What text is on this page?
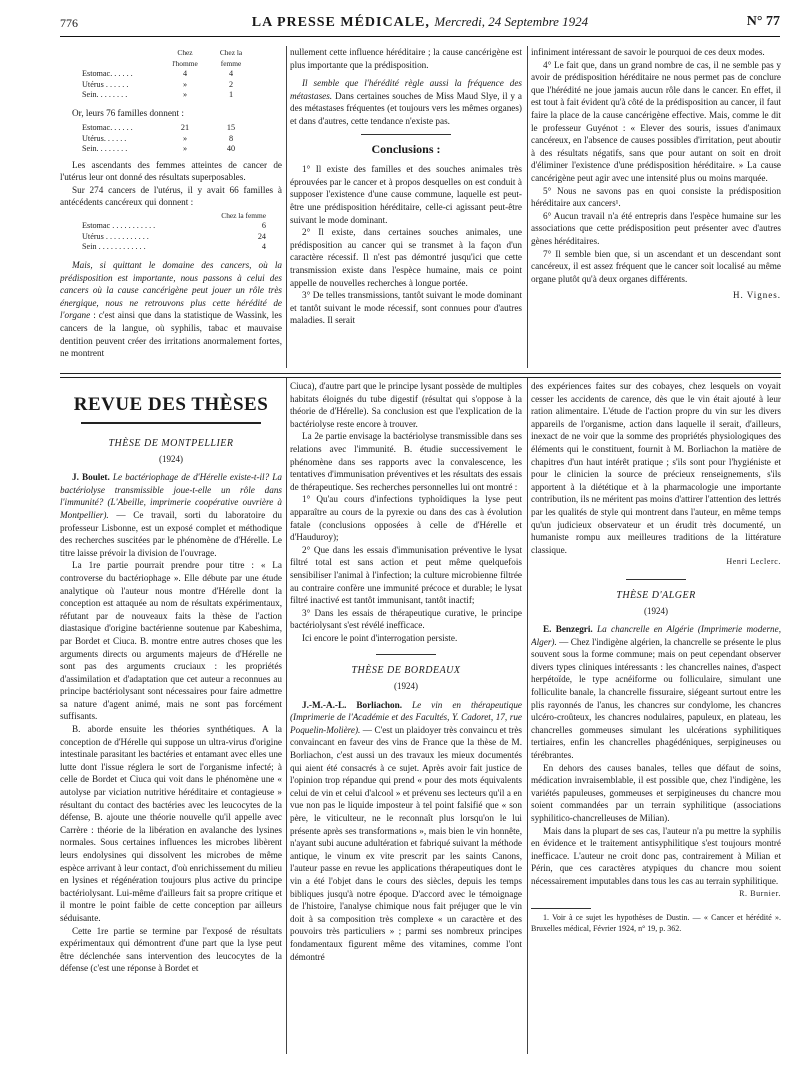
776	LA PRESSE MÉDICALE, Mercredi, 24 Septembre 1924	N° 77
	Chez l'homme	Chez la femme
Estomac. . . . . .	4	4
Utérus . . . . . .	»	2
Sein. . . . . . . .	»	1

Or, leurs 76 familles donnent :

Estomac. . . . . .	21	15
Utérus. . . . . .	»	8
Sein. . . . . . . .	»	40

Les ascendants des femmes atteintes de cancer de l'utérus leur ont donné des résultats superposables.

Sur 274 cancers de l'utérus, il y avait 66 familles à antécédents cancéreux qui donnent :

	Chez la femme
Estomac . . . . . . . . . . .	6
Utérus . . . . . . . . . . .	24
Sein . . . . . . . . . . . .	4

Mais, si quittant le domaine des cancers, où la prédisposition est importante, nous passons à celui des cancers où la cause cancérigène peut jouer un rôle très énergique, nous ne retrouvons plus cette hérédité de l'organe : c'est ainsi que dans la statistique de Wassink, les cancers de la langue, où syphilis, tabac et mauvaise dentition peuvent créer des irritations anormalement fortes, ne montrent

nullement cette influence héréditaire ; la cause cancérigène est plus importante que la prédisposition.

Il semble que l'hérédité règle aussi la fréquence des métastases. Dans certaines souches de Miss Maud Slye, il y a des métastases fréquentes (et toujours vers les mêmes organes) et dans d'autres, cette tendance n'existe pas.

Conclusions :

1° Il existe des familles et des souches animales très éprouvées par le cancer et à propos desquelles on est conduit à supposer l'existence d'une cause commune, laquelle est peut-être une prédisposition héréditaire, celle-ci agissant peut-être suivant le mode dominant.

2° Il existe, dans certaines souches animales, une prédisposition au cancer qui se transmet à la façon d'un caractère récessif. Il n'est pas démontré jusqu'ici que cette transmission existe dans l'espèce humaine, mais ce point appelle de nouvelles recherches à longue portée.

3° De telles transmissions, tantôt suivant le mode dominant et tantôt suivant le mode récessif, sont connues pour d'autres maladies. Il serait

infiniment intéressant de savoir le pourquoi de ces deux modes.

4° Le fait que, dans un grand nombre de cas, il ne semble pas y avoir de prédisposition héréditaire ne nous permet pas de conclure que l'hérédité ne joue jamais aucun rôle dans le cancer. En effet, il est tout à fait évident qu'à côté de la prédisposition au cancer, il faut faire la place de la cause cancérigène effective. Mais, comme le dit le professeur Guyénot : « Elever des souris, issues d'animaux cancéreux, en l'absence de causes possibles d'irritation, peut aboutir à des résultats négatifs, sans que pour autant on soit en droit d'éliminer l'existence d'une prédisposition héréditaire. » La cause cancérigène peut agir avec une intensité plus ou moins marquée.

5° Nous ne savons pas en quoi consiste la prédisposition héréditaire aux cancers¹.

6° Aucun travail n'a été entrepris dans l'espèce humaine sur les associations que cette prédisposition peut présenter avec d'autres gènes héréditaires.

7° Il semble bien que, si un ascendant et un descendant sont cancéreux, il est assez fréquent que le cancer soit localisé au même organe plutôt qu'à deux organes différents.

H. Vignes.
REVUE DES THÈSES
THÈSE DE MONTPELLIER
(1924)

J. Boulet. Le bactériophage de d'Hérelle existe-t-il? La bactériolyse transmissible joue-t-elle un rôle dans l'immunité? (L'Abeille, imprimerie coopérative ouvrière à Montpellier). — Ce travail, sorti du laboratoire du professeur Lisbonne, est un exposé complet et méthodique des recherches suscitées par le phénomène de d'Hérelle. Le titre laisse prévoir la division de l'ouvrage.

La 1re partie pourrait prendre pour titre : « La controverse du bactériophage ». Elle débute par une étude analytique où l'auteur nous montre d'Hérelle dont la conception est attaquée au nom de résultats expérimentaux, réfutant par de nouveaux faits la thèse de l'action diastasique d'origine bactérienne soutenue par Kabeshima, par Bordet et Ciuca. B. montre entre autres choses que les arguments directs ou arguments majeurs de d'Hérelle ne sont pas des arguments cruciaux : les propriétés d'assimilation et d'adaptation que cet auteur a reconnues au principe bactériolysant sont nécessaires pour faire admettre sa nature d'agent animé, mais ne sont pas forcément suffisants.

B. aborde ensuite les théories synthétiques. A la conception de d'Hérelle qui suppose un ultra-virus d'origine intestinale parasitant les bactéries et entamant avec elles une lutte dont l'issue réglera le sort de l'organisme infecté; à celle de Bordet et Ciuca qui voit dans le phénomène une « autolyse par viciation nutritive héréditaire et contagieuse » résultant du contact des bactéries avec les leucocytes de la défense, B. ajoute une théorie nouvelle qu'il appelle avec Carrère : théorie de la libération en avalanche des lysines normales. Sous certaines influences les microbes libèrent leurs endolysines qui dissolvent les microbes de même espèce arrivant à leur contact, d'où enrichissement du milieu en lysines et régénération toujours plus active du principe bactériolysant. Lui-même d'ailleurs fait sa propre critique et il montre le point faible de cette conception par ailleurs séduisante.

Cette 1re partie se termine par l'exposé de résultats expérimentaux qui démontrent d'une part que la lyse peut être déclenchée sans intervention des leucocytes de la défense (c'est une réponse à Bordet et

Ciuca), d'autre part que le principe lysant possède de multiples habitats éloignés du tube digestif (résultat qui s'oppose à la théorie de d'Hérelle). Sa conclusion est que l'explication de la bactériolyse reste encore à trouver.

La 2e partie envisage la bactériolyse transmissible dans ses relations avec l'immunité. B. étudie successivement le phénomène dans ses rapports avec la convalescence, les tentatives d'immunisation préventives et les résultats des essais de thérapeutique. Ses recherches personnelles lui ont montré :

1° Qu'au cours d'infections typhoïdiques la lyse peut apparaître au cours de la pyrexie ou dans des cas à évolution fatale (conclusions opposées à celle de d'Hérelle et d'Hauduroy);

2° Que dans les essais d'immunisation préventive le lysat filtré total est sans action et peut même quelquefois sensibiliser l'animal à l'infection; la culture microbienne filtrée au contraire confère une immunité précoce et durable; le lysat filtré inactivé est tantôt immunisant, tantôt inactif;

3° Dans les essais de thérapeutique curative, le principe bactériolysant s'est révélé inefficace.

Ici encore le point d'interrogation persiste.

THÈSE DE BORDEAUX
(1924)

J.-M.-A.-L. Borliachon. Le vin en thérapeutique (Imprimerie de l'Académie et des Facultés, Y. Cadoret, 17, rue Poquelin-Molière). — C'est un plaidoyer très convaincu et très convaincant en faveur des vins de France que la thèse de M. Borliachon, c'est aussi un des travaux les mieux documentés qui aient été consacrés à ce sujet. Après avoir fait justice de l'opinion trop répandue qui prend « pour des mots équivalents celui de vin et celui d'alcool » et prévenu ses lecteurs qu'il a en vue non pas le liquide imposteur à tel point falsifié que « son père, le viticulteur, ne le reconnaît plus lorsqu'on le lui présente après ses transformations », mais bien le vin honnête, n'ayant subi aucune adultération et fabriqué suivant la méthode antique, le vinum ex vite prescrit par les saints Canons, l'auteur passe en revue les applications thérapeutiques dont le vin a été l'objet dans le cours des siècles, depuis les temps bibliques jusqu'à notre époque. D'accord avec le témoignage de l'histoire, l'analyse chimique nous fait préjuger que le vin doit à sa composition très complexe « un caractère et des pouvoirs très particuliers » ; parmi ses nombreux principes fondamentaux figurent même des vitamines, comme l'ont démontré

des expériences faites sur des cobayes, chez lesquels on voyait cesser les accidents de carence, dès que le vin était ajouté à leur ration alimentaire. L'étude de l'action propre du vin sur les divers appareils de l'organisme, action dans laquelle il serait, d'ailleurs, inexact de ne voir que la somme des propriétés physiologiques des éléments qui le constituent, fournit à M. Borliachon la matière de chapitres d'un haut intérêt pratique ; s'ils sont pour l'hygiéniste et pour le clinicien la source de précieux renseignements, s'ils apportent à la diététique et à la pharmacologie une importante contribution, ils ne méritent pas moins d'attirer l'attention des lettrés par les qualités de style qui montrent dans l'auteur, en même temps qu'un judicieux observateur et un érudit très documenté, un humaniste rompu aux meilleures traditions de la littérature classique.

Henri Leclerc.
THÈSE D'ALGER
(1924)

E. Benzegri. La chancrelle en Algérie (Imprimerie moderne, Alger). — Chez l'indigène algérien, la chancrelle se présente le plus souvent sous la forme commune; mais on peut cependant observer divers types cliniques intéressants : les chancrelles naines, d'aspect herpétoïde, le type acnéiforme ou folliculaire, simulant une folliculite banale, la chancrelle fissuraire, siégeant surtout entre les plis rayonnés de l'anus, les chancres sur condylome, les chancres ulcéro-croûteux, les chancres nodulaires, papuleux, en plateau, les chancrelles gommeuses simulant les ulcérations syphilitiques tertiaires, enfin les chancrelles phagédéniques, serpigineuses ou térébrantes.

En dehors des causes banales, telles que défaut de soins, médication invraisemblable, il est possible que, chez l'indigène, les variétés papuleuses, gommeuses et serpigineuses du chancre mou soient commandées par un terrain syphilitique (associations syphilitico-chancrelleuses de Milian).

Mais dans la plupart de ses cas, l'auteur n'a pu mettre la syphilis en évidence et le traitement antisyphilitique s'est toujours montré inefficace. L'auteur ne croit donc pas, contrairement à Milian et Périn, que ces caractères atypiques du chancre mou soient nécessairement imputables dans tous les cas au terrain syphilitique.

R. Burnier.

1. Voir à ce sujet les hypothèses de Dustin. — « Cancer et hérédité ». Bruxelles médical, Février 1924, n° 19, p. 362.
